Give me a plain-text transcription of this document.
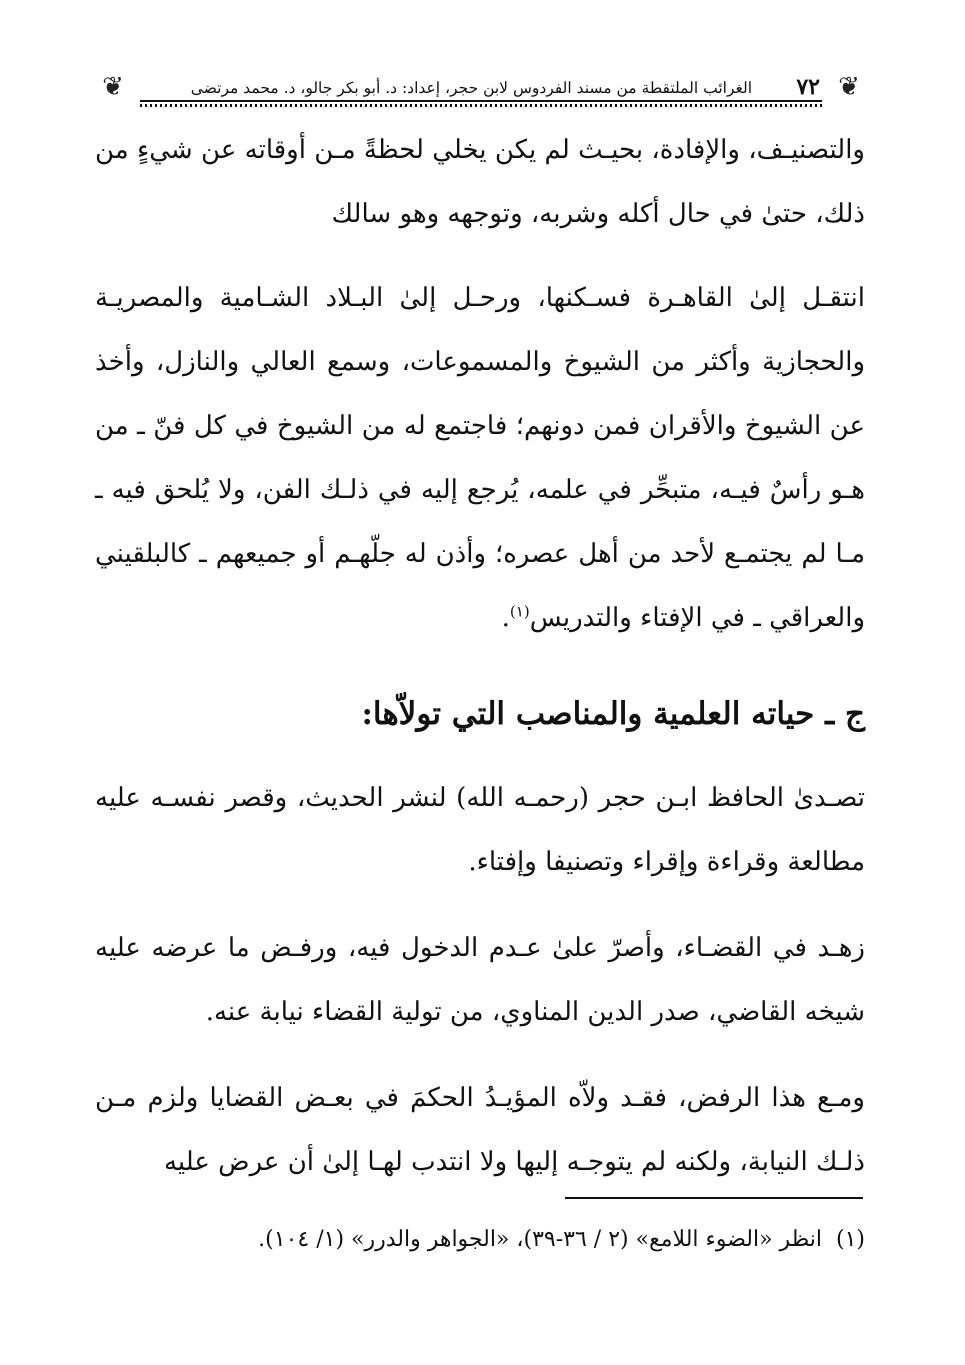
❦
٧٢
الغرائب الملتقطة من مسند الفردوس لابن حجر، إعداد: د. أبو بكر جالو، د. محمد مرتضى
❦

والتصنيـف، والإفادة، بحيـث لم يكن يخلي لحظةً مـن أوقاته عن شيءٍ من ذلك، حتىٰ في حال أكله وشربه، وتوجهه وهو سالك

انتقـل إلىٰ القاهـرة فسـكنها، ورحـل إلىٰ البـلاد الشـامية والمصريـة والحجازية وأكثر من الشيوخ والمسموعات، وسمع العالي والنازل، وأخذ عن الشيوخ والأقران فمن دونهم؛ فاجتمع له من الشيوخ في كل فنّ ـ من هـو رأسٌ فيـه، متبحِّر في علمه، يُرجع إليه في ذلـك الفن، ولا يُلحق فيه ـ مـا لم يجتمـع لأحد من أهل عصره؛ وأذن له جلّهـم أو جميعهم ـ كالبلقيني والعراقي ـ في الإفتاء والتدريس$^{(١)}$.

ج ـ حياته العلمية والمناصب التي تولاّها:

تصـدىٰ الحافظ ابـن حجر (رحمـه الله) لنشر الحديث، وقصر نفسـه عليه مطالعة وقراءة وإقراء وتصنيفا وإفتاء.

زهـد في القضـاء، وأصرّ علىٰ عـدم الدخول فيه، ورفـض ما عرضه عليه شيخه القاضي، صدر الدين المناوي، من تولية القضاء نيابة عنه.

ومـع هذا الرفض، فقـد ولاّه المؤيـدُ الحكمَ في بعـض القضايا ولزم مـن ذلـك النيابة، ولكنه لم يتوجـه إليها ولا انتدب لهـا إلىٰ أن عرض عليه

(١)انظر «الضوء اللامع» (٢ / ٣٦-٣٩)، «الجواهر والدرر» (١/ ١٠٤).
